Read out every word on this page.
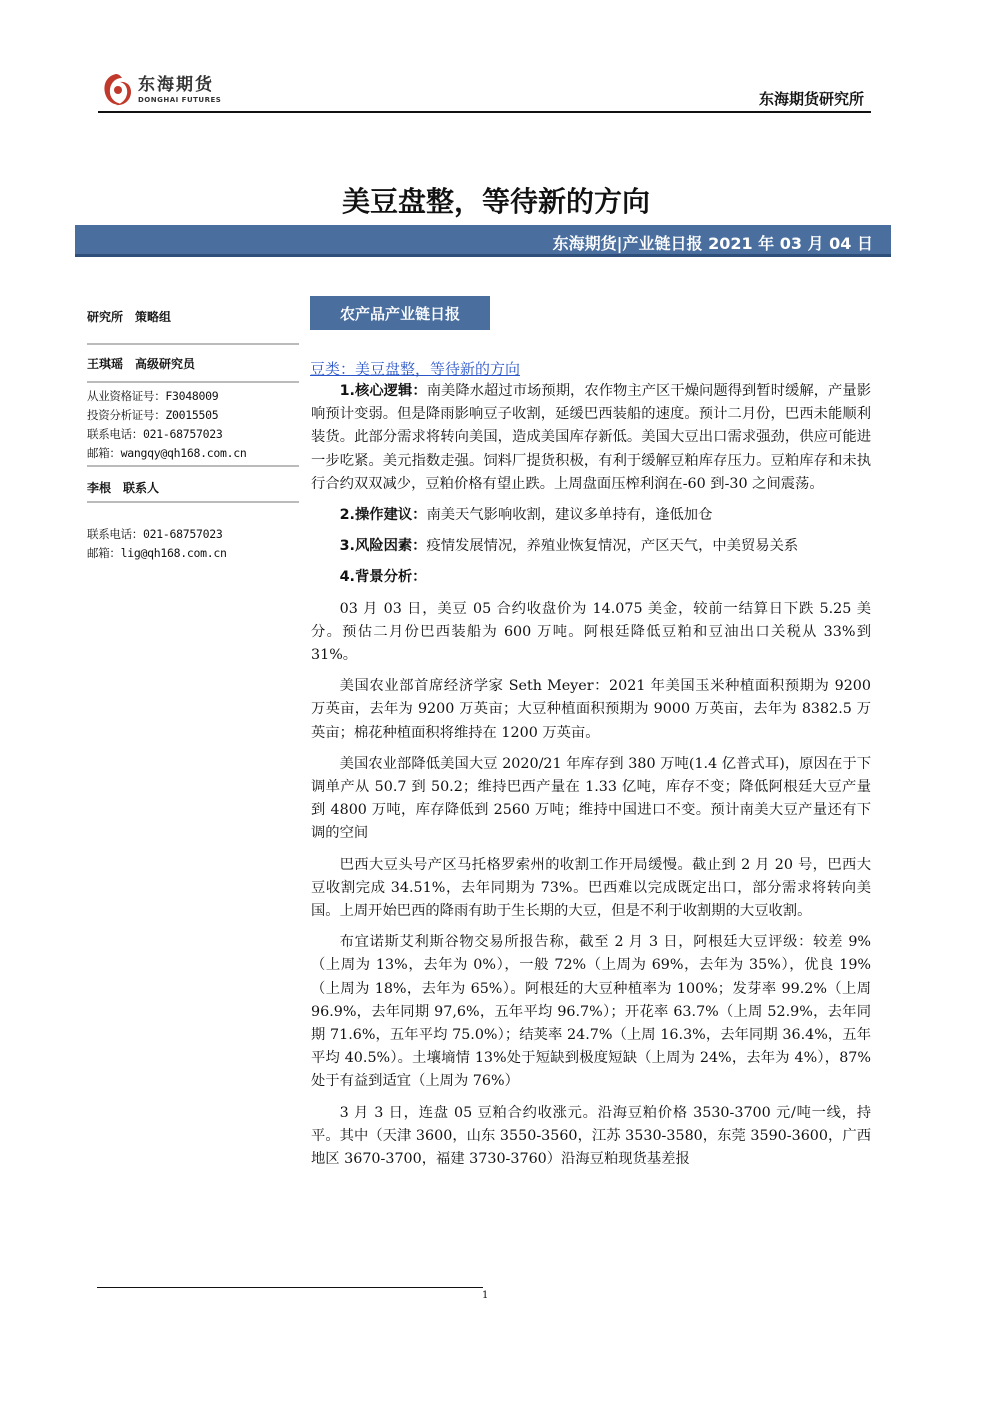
东海期货
DONGHAI FUTURES	东海期货研究所
美豆盘整，等待新的方向
东海期货|产业链日报 2021 年 03 月 04 日
研究所　策略组
王琪瑶　高级研究员
从业资格证号：F3048009
投资分析证号：Z0015505
联系电话：021-68757023
邮箱：wangqy@qh168.com.cn
李根　联系人
联系电话：021-68757023
邮箱：lig@qh168.com.cn
农产品产业链日报
豆类：美豆盘整，等待新的方向

1.核心逻辑：南美降水超过市场预期，农作物主产区干燥问题得到暂时缓解，产量影响预计变弱。但是降雨影响豆子收割，延缓巴西装船的速度。预计二月份，巴西未能顺利装货。此部分需求将转向美国，造成美国库存新低。美国大豆出口需求强劲，供应可能进一步吃紧。美元指数走强。饲料厂提货积极，有利于缓解豆粕库存压力。豆粕库存和未执行合约双双减少，豆粕价格有望止跌。上周盘面压榨利润在-60 到-30 之间震荡。

2.操作建议：南美天气影响收割，建议多单持有，逢低加仓

3.风险因素：疫情发展情况，养殖业恢复情况，产区天气，中美贸易关系

4.背景分析：

03 月 03 日，美豆 05 合约收盘价为 14.075 美金，较前一结算日下跌 5.25 美分。预估二月份巴西装船为 600 万吨。阿根廷降低豆粕和豆油出口关税从 33%到 31%。

美国农业部首席经济学家 Seth Meyer：2021 年美国玉米种植面积预期为 9200 万英亩，去年为 9200 万英亩；大豆种植面积预期为 9000 万英亩，去年为 8382.5 万英亩；棉花种植面积将维持在 1200 万英亩。

美国农业部降低美国大豆 2020/21 年库存到 380 万吨(1.4 亿普式耳)，原因在于下调单产从 50.7 到 50.2；维持巴西产量在 1.33 亿吨，库存不变；降低阿根廷大豆产量到 4800 万吨，库存降低到 2560 万吨；维持中国进口不变。预计南美大豆产量还有下调的空间

巴西大豆头号产区马托格罗索州的收割工作开局缓慢。截止到 2 月 20 号，巴西大豆收割完成 34.51%，去年同期为 73%。巴西难以完成既定出口，部分需求将转向美国。上周开始巴西的降雨有助于生长期的大豆，但是不利于收割期的大豆收割。

布宜诺斯艾利斯谷物交易所报告称，截至 2 月 3 日，阿根廷大豆评级：较差 9%（上周为 13%，去年为 0%），一般 72%（上周为 69%，去年为 35%），优良 19%（上周为 18%，去年为 65%）。阿根廷的大豆种植率为 100%；发芽率 99.2%（上周 96.9%，去年同期 97,6%，五年平均 96.7%）；开花率 63.7%（上周 52.9%，去年同期 71.6%，五年平均 75.0%）；结荚率 24.7%（上周 16.3%，去年同期 36.4%，五年平均 40.5%）。土壤墒情 13%处于短缺到极度短缺（上周为 24%，去年为 4%），87%处于有益到适宜（上周为 76%）

3 月 3 日，连盘 05 豆粕合约收涨元。沿海豆粕价格 3530-3700 元/吨一线，持平。其中（天津 3600，山东 3550-3560，江苏 3530-3580，东莞 3590-3600，广西地区 3670-3700，福建 3730-3760）沿海豆粕现货基差报

1
